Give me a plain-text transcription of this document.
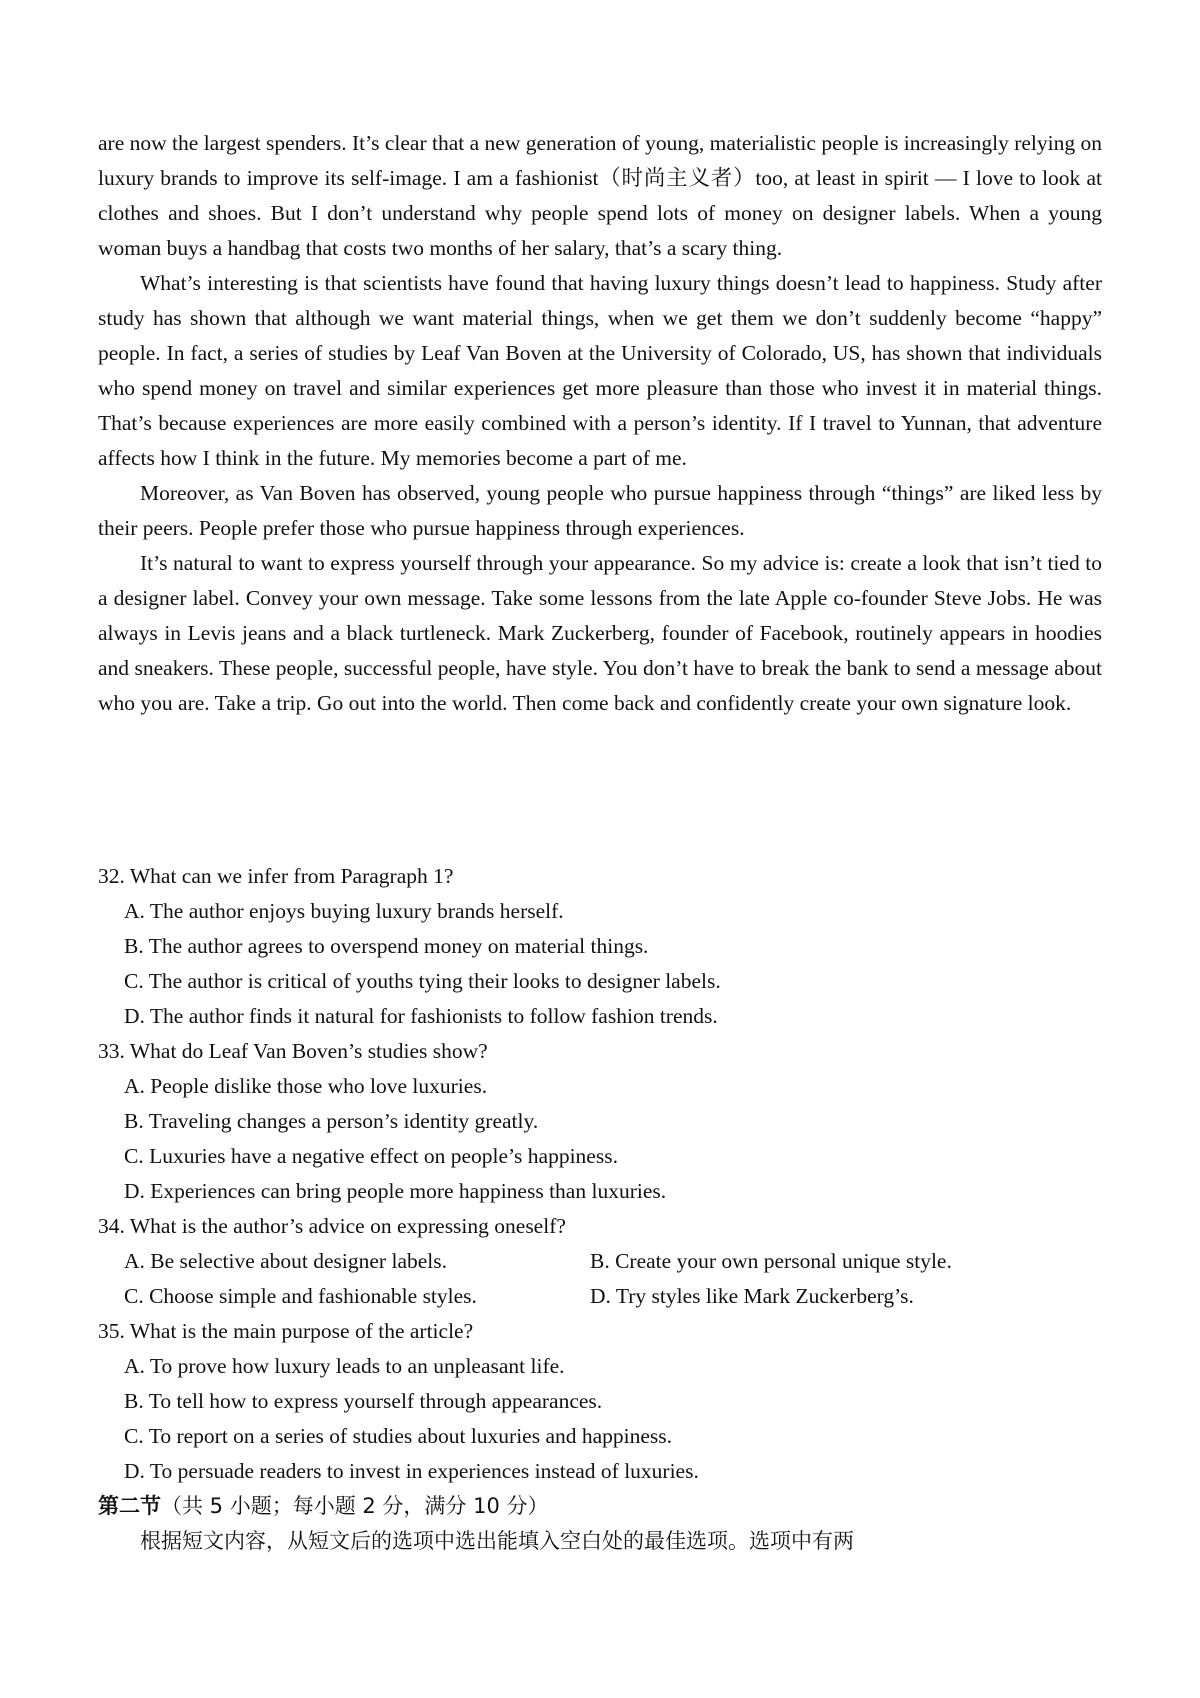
are now the largest spenders. It’s clear that a new generation of young, materialistic people is increasingly relying on luxury brands to improve its self-image. I am a fashionist（时尚主义者）too, at least in spirit — I love to look at clothes and shoes. But I don’t understand why people spend lots of money on designer labels. When a young woman buys a handbag that costs two months of her salary, that’s a scary thing.

What’s interesting is that scientists have found that having luxury things doesn’t lead to happiness. Study after study has shown that although we want material things, when we get them we don’t suddenly become “happy” people. In fact, a series of studies by Leaf Van Boven at the University of Colorado, US, has shown that individuals who spend money on travel and similar experiences get more pleasure than those who invest it in material things. That’s because experiences are more easily combined with a person’s identity. If I travel to Yunnan, that adventure affects how I think in the future. My memories become a part of me.

Moreover, as Van Boven has observed, young people who pursue happiness through “things” are liked less by their peers. People prefer those who pursue happiness through experiences.

It’s natural to want to express yourself through your appearance. So my advice is: create a look that isn’t tied to a designer label. Convey your own message. Take some lessons from the late Apple co-founder Steve Jobs. He was always in Levis jeans and a black turtleneck. Mark Zuckerberg, founder of Facebook, routinely appears in hoodies and sneakers. These people, successful people, have style. You don’t have to break the bank to send a message about who you are. Take a trip. Go out into the world. Then come back and confidently create your own signature look.

32. What can we infer from Paragraph 1?

A. The author enjoys buying luxury brands herself.

B. The author agrees to overspend money on material things.

C. The author is critical of youths tying their looks to designer labels.

D. The author finds it natural for fashionists to follow fashion trends.

33. What do Leaf Van Boven’s studies show?

A. People dislike those who love luxuries.

B. Traveling changes a person’s identity greatly.

C. Luxuries have a negative effect on people’s happiness.

D. Experiences can bring people more happiness than luxuries.

34. What is the author’s advice on expressing oneself?

A. Be selective about designer labels.	B. Create your own personal unique style.

C. Choose simple and fashionable styles.	D. Try styles like Mark Zuckerberg’s.

35. What is the main purpose of the article?

A. To prove how luxury leads to an unpleasant life.

B. To tell how to express yourself through appearances.

C. To report on a series of studies about luxuries and happiness.

D. To persuade readers to invest in experiences instead of luxuries.

第二节（共 5 小题；每小题 2 分，满分 10 分）

根据短文内容，从短文后的选项中选出能填入空白处的最佳选项。选项中有两
